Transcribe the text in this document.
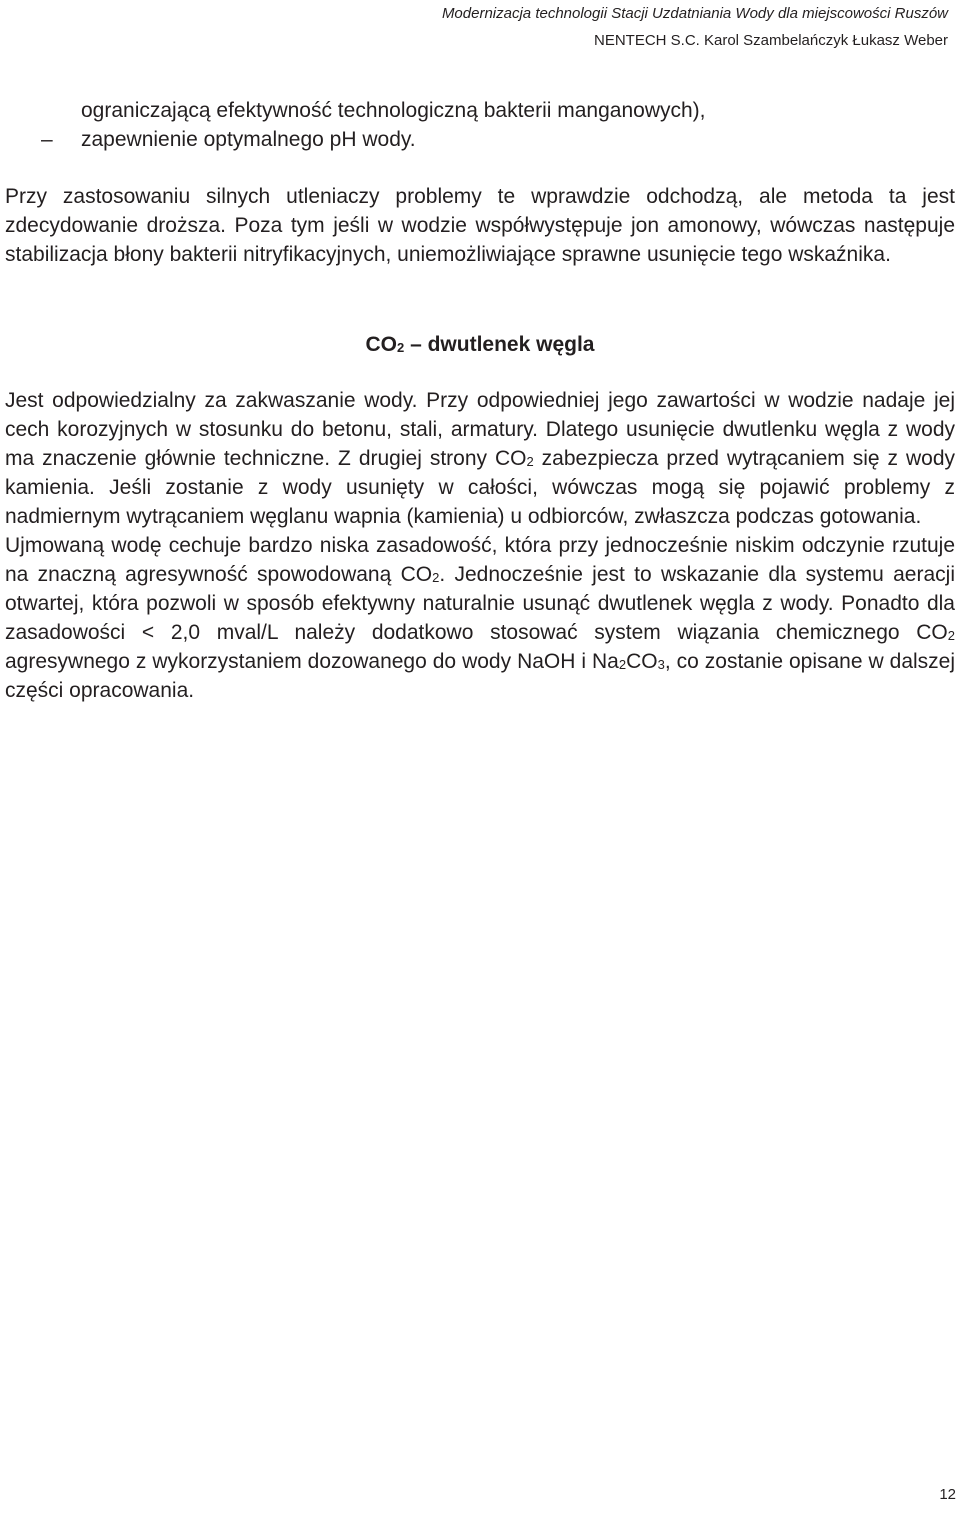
Modernizacja technologii Stacji Uzdatniania Wody dla miejscowości Ruszów
NENTECH S.C. Karol Szambelańczyk Łukasz Weber
ograniczającą efektywność technologiczną bakterii manganowych),
– zapewnienie optymalnego pH wody.
Przy zastosowaniu silnych utleniaczy problemy te wprawdzie odchodzą, ale metoda ta jest zdecydowanie droższa. Poza tym jeśli w wodzie współwystępuje jon amonowy, wówczas następuje stabilizacja błony bakterii nitryfikacyjnych, uniemożliwiające sprawne usunięcie tego wskaźnika.
$CO_2$ – dwutlenek węgla
Jest odpowiedzialny za zakwaszanie wody. Przy odpowiedniej jego zawartości w wodzie nadaje jej cech korozyjnych w stosunku do betonu, stali, armatury. Dlatego usunięcie dwutlenku węgla z wody ma znaczenie głównie techniczne. Z drugiej strony $CO_2$ zabezpiecza przed wytrącaniem się z wody kamienia. Jeśli zostanie z wody usunięty w całości, wówczas mogą się pojawić problemy z nadmiernym wytrącaniem węglanu wapnia (kamienia) u odbiorców, zwłaszcza podczas gotowania.
Ujmowaną wodę cechuje bardzo niska zasadowość, która przy jednocześnie niskim odczynie rzutuje na znaczną agresywność spowodowaną $CO_2$. Jednocześnie jest to wskazanie dla systemu aeracji otwartej, która pozwoli w sposób efektywny naturalnie usunąć dwutlenek węgla z wody. Ponadto dla zasadowości < 2,0 mval/L należy dodatkowo stosować system wiązania chemicznego $CO_2$ agresywnego z wykorzystaniem dozowanego do wody NaOH i $Na_2CO_3$, co zostanie opisane w dalszej części opracowania.
12
